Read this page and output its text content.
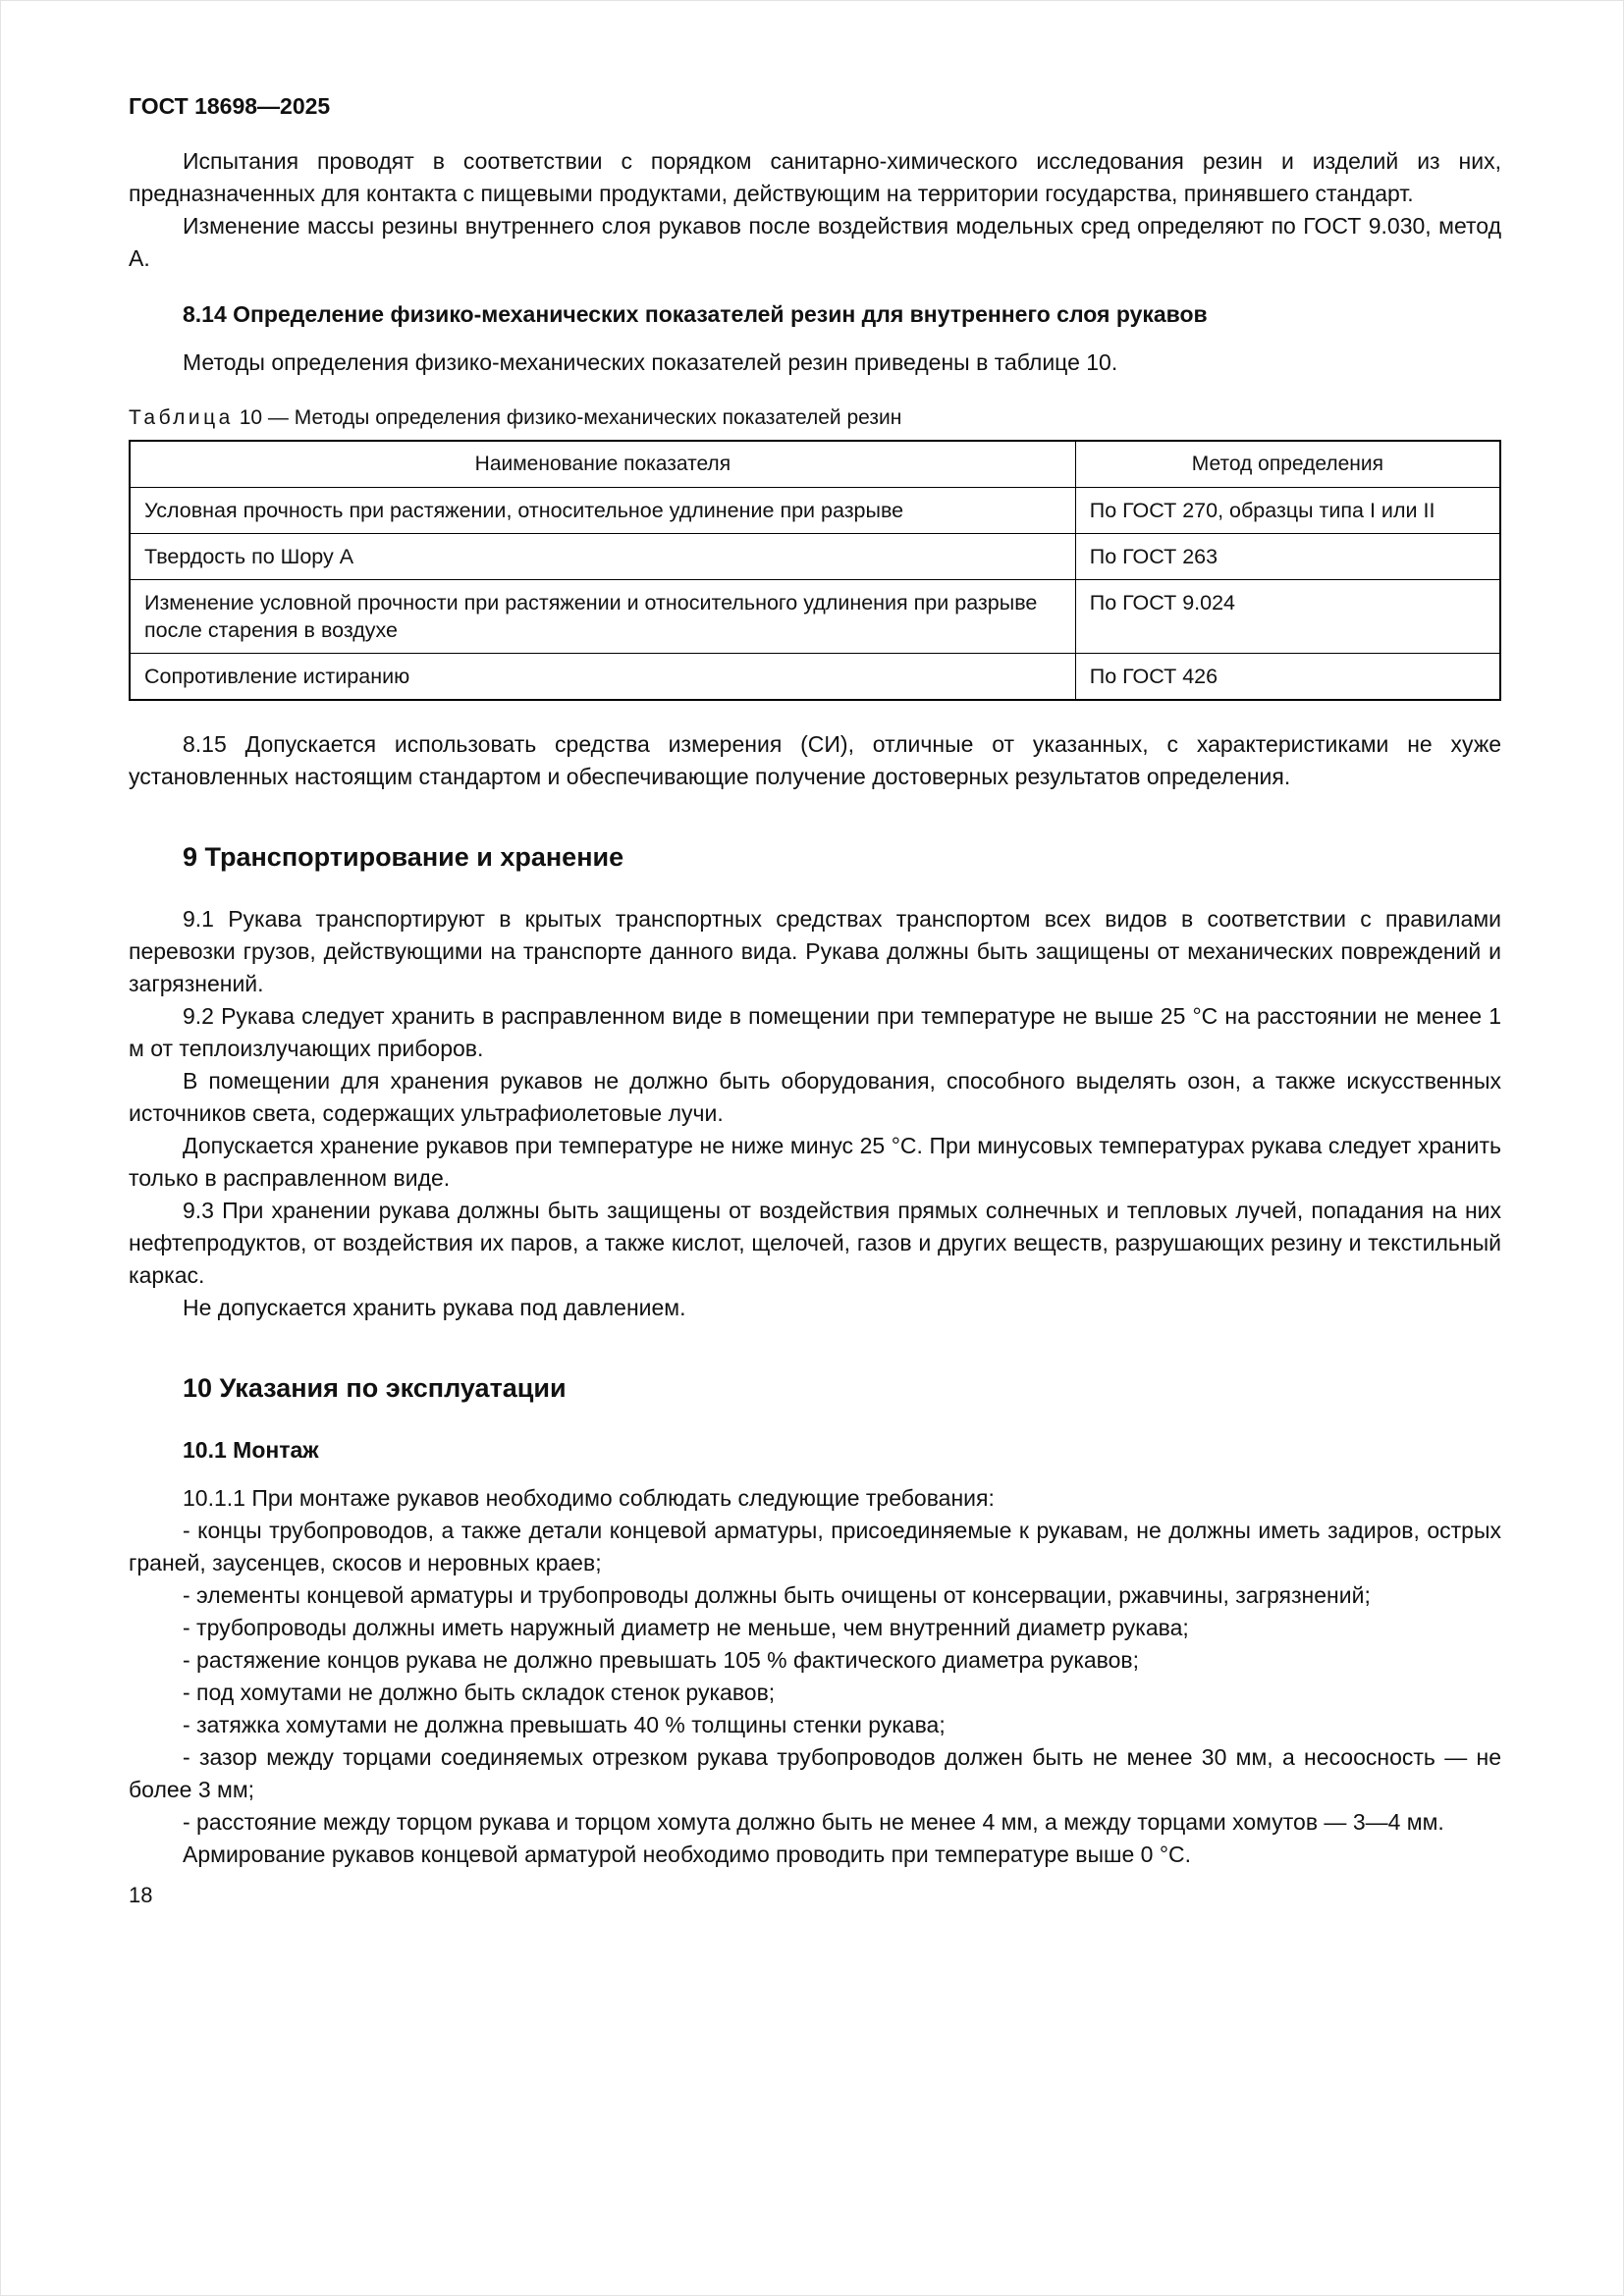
ГОСТ 18698—2025

Испытания проводят в соответствии с порядком санитарно-химического исследования резин и изделий из них, предназначенных для контакта с пищевыми продуктами, действующим на территории государства, принявшего стандарт.

Изменение массы резины внутреннего слоя рукавов после воздействия модельных сред определяют по ГОСТ 9.030, метод А.

8.14 Определение физико-механических показателей резин для внутреннего слоя рукавов

Методы определения физико-механических показателей резин приведены в таблице 10.

Таблица 10 — Методы определения физико-механических показателей резин

Наименование показателя	Метод определения
Условная прочность при растяжении, относительное удлинение при разрыве	По ГОСТ 270, образцы типа I или II
Твердость по Шору А	По ГОСТ 263
Изменение условной прочности при растяжении и относительного удлинения при разрыве после старения в воздухе	По ГОСТ 9.024
Сопротивление истиранию	По ГОСТ 426

8.15 Допускается использовать средства измерения (СИ), отличные от указанных, с характеристиками не хуже установленных настоящим стандартом и обеспечивающие получение достоверных результатов определения.

9 Транспортирование и хранение

9.1 Рукава транспортируют в крытых транспортных средствах транспортом всех видов в соответствии с правилами перевозки грузов, действующими на транспорте данного вида. Рукава должны быть защищены от механических повреждений и загрязнений.

9.2 Рукава следует хранить в расправленном виде в помещении при температуре не выше 25 °С на расстоянии не менее 1 м от теплоизлучающих приборов.

В помещении для хранения рукавов не должно быть оборудования, способного выделять озон, а также искусственных источников света, содержащих ультрафиолетовые лучи.

Допускается хранение рукавов при температуре не ниже минус 25 °С. При минусовых температурах рукава следует хранить только в расправленном виде.

9.3 При хранении рукава должны быть защищены от воздействия прямых солнечных и тепловых лучей, попадания на них нефтепродуктов, от воздействия их паров, а также кислот, щелочей, газов и других веществ, разрушающих резину и текстильный каркас.

Не допускается хранить рукава под давлением.

10 Указания по эксплуатации
10.1 Монтаж

10.1.1 При монтаже рукавов необходимо соблюдать следующие требования:

- концы трубопроводов, а также детали концевой арматуры, присоединяемые к рукавам, не должны иметь задиров, острых граней, заусенцев, скосов и неровных краев;

- элементы концевой арматуры и трубопроводы должны быть очищены от консервации, ржавчины, загрязнений;

- трубопроводы должны иметь наружный диаметр не меньше, чем внутренний диаметр рукава;

- растяжение концов рукава не должно превышать 105 % фактического диаметра рукавов;

- под хомутами не должно быть складок стенок рукавов;

- затяжка хомутами не должна превышать 40 % толщины стенки рукава;

- зазор между торцами соединяемых отрезком рукава трубопроводов должен быть не менее 30 мм, а несоосность — не более 3 мм;

- расстояние между торцом рукава и торцом хомута должно быть не менее 4 мм, а между торцами хомутов — 3—4 мм.

Армирование рукавов концевой арматурой необходимо проводить при температуре выше 0 °С.

18
